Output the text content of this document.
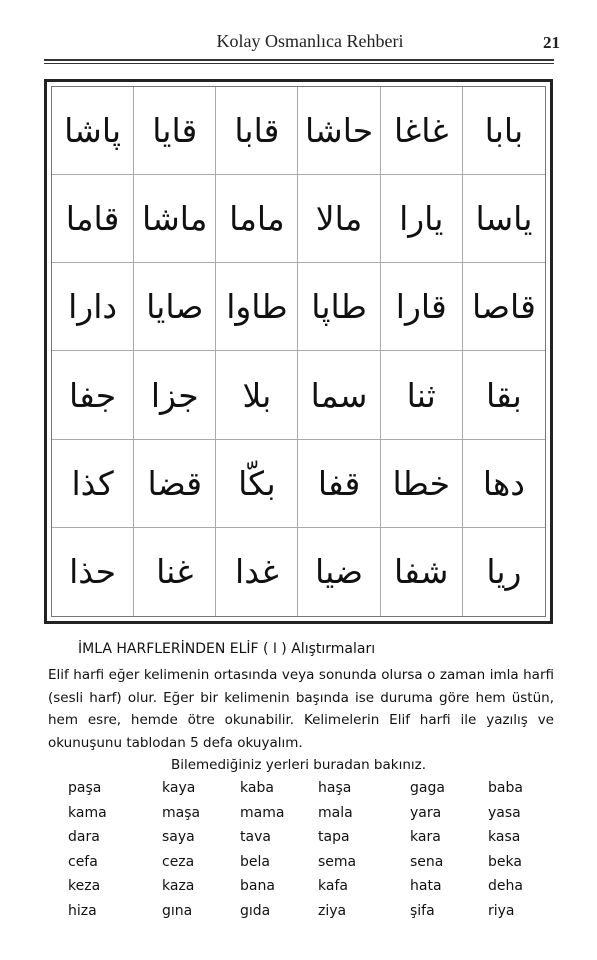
Kolay Osmanlıca Rehberi	21
پاشا قايا	قابا حاشا غاغا	بابا
قاما ماشا ماما مالا	يارا ياسا
دارا صايا طاوا طاپا قارا قاصا
جفا	جزا	بلا	سما	ثنا	بقا
كذا	قضا	بكّا	قفا خطا دها
حذا	غنا	غدا	ضيا شفا	ريا
İMLA HARFLERİNDEN ELİF ( ا ) Alıştırmaları
Elif harfi eğer kelimenin ortasında veya sonunda olursa o zaman imla harfi (sesli harf) olur. Eğer bir kelimenin başında ise duruma göre hem üstün, hem esre, hemde ötre okunabilir. Kelimelerin Elif harfi ile yazılış ve okunuşunu tablodan 5 defa okuyalım.
Bilemediğiniz yerleri buradan bakınız.
paşa	kaya	kaba	haşa	gaga	baba
kama	maşa	mama mala	yara	yasa
dara	saya	tava	tapa	kara	kasa
cefa	ceza	bela	sema	sena	beka
keza	kaza	bana	kafa	hata	deha
hiza	gına	gıda	ziya	şifa	riya
